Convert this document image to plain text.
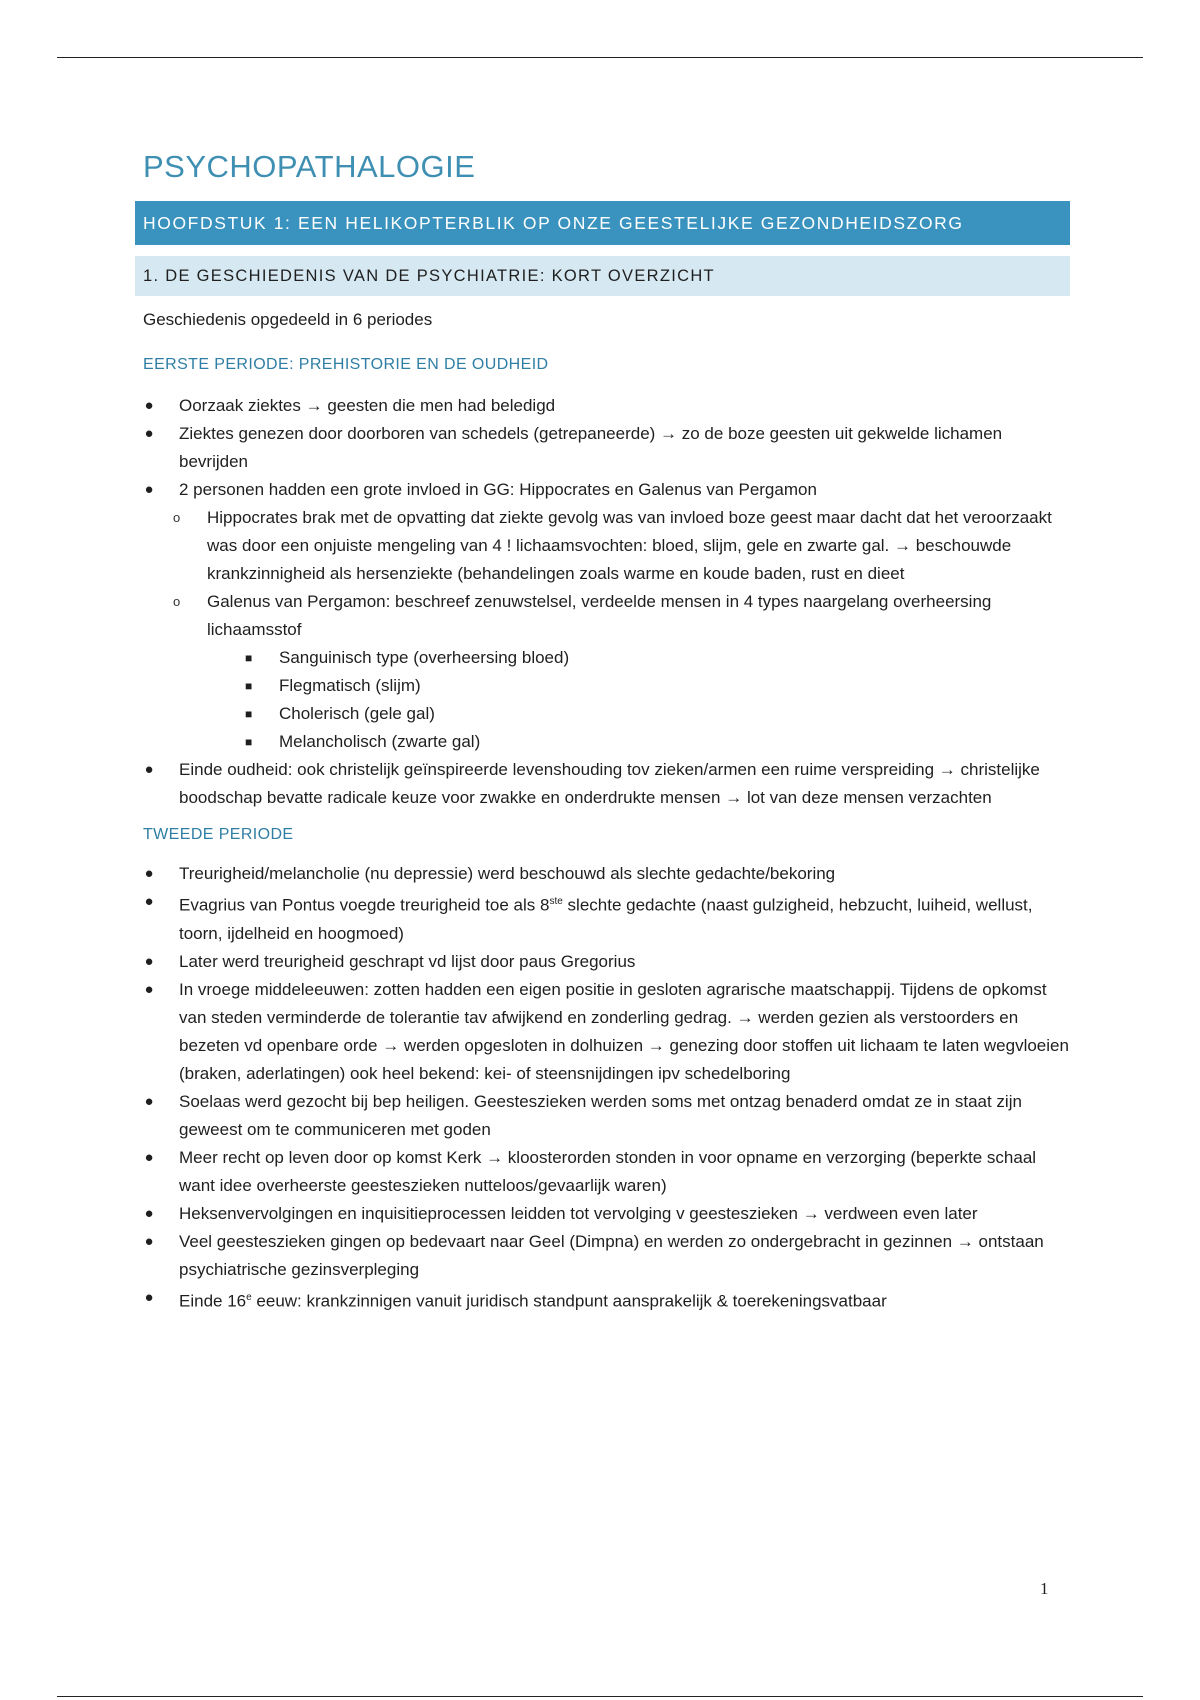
PSYCHOPATHALOGIE
HOOFDSTUK 1: EEN HELIKOPTERBLIK OP ONZE GEESTELIJKE GEZONDHEIDSZORG
1. DE GESCHIEDENIS VAN DE PSYCHIATRIE: KORT OVERZICHT
Geschiedenis opgedeeld in 6 periodes
EERSTE PERIODE: PREHISTORIE EN DE OUDHEID
● Oorzaak ziektes → geesten die men had beledigd
● Ziektes genezen door doorboren van schedels (getrepaneerde) → zo de boze geesten uit gekwelde lichamen bevrijden
● 2 personen hadden een grote invloed in GG: Hippocrates en Galenus van Pergamon
o Hippocrates brak met de opvatting dat ziekte gevolg was van invloed boze geest maar dacht dat het veroorzaakt was door een onjuiste mengeling van 4 ! lichaamsvochten: bloed, slijm, gele en zwarte gal. → beschouwde krankzinnigheid als hersenziekte (behandelingen zoals warme en koude baden, rust en dieet
o Galenus van Pergamon: beschreef zenuwstelsel, verdeelde mensen in 4 types naargelang overheersing lichaamsstof
■ Sanguinisch type (overheersing bloed)
■ Flegmatisch (slijm)
■ Cholerisch (gele gal)
■ Melancholisch (zwarte gal)
● Einde oudheid: ook christelijk geïnspireerde levenshouding tov zieken/armen een ruime verspreiding → christelijke boodschap bevatte radicale keuze voor zwakke en onderdrukte mensen → lot van deze mensen verzachten
TWEEDE PERIODE
● Treurigheid/melancholie (nu depressie) werd beschouwd als slechte gedachte/bekoring
● Evagrius van Pontus voegde treurigheid toe als 8ste slechte gedachte (naast gulzigheid, hebzucht, luiheid, wellust, toorn, ijdelheid en hoogmoed)
● Later werd treurigheid geschrapt vd lijst door paus Gregorius
● In vroege middeleeuwen: zotten hadden een eigen positie in gesloten agrarische maatschappij. Tijdens de opkomst van steden verminderde de tolerantie tav afwijkend en zonderling gedrag. → werden gezien als verstoorders en bezeten vd openbare orde → werden opgesloten in dolhuizen → genezing door stoffen uit lichaam te laten wegvloeien (braken, aderlatingen) ook heel bekend: kei- of steensnijdingen ipv schedelboring
● Soelaas werd gezocht bij bep heiligen. Geesteszieken werden soms met ontzag benaderd omdat ze in staat zijn geweest om te communiceren met goden
● Meer recht op leven door op komst Kerk → kloosterorden stonden in voor opname en verzorging (beperkte schaal want idee overheerste geesteszieken nutteloos/gevaarlijk waren)
● Heksenvervolgingen en inquisitieprocessen leidden tot vervolging v geesteszieken → verdween even later
● Veel geesteszieken gingen op bedevaart naar Geel (Dimpna) en werden zo ondergebracht in gezinnen → ontstaan psychiatrische gezinsverpleging
● Einde 16e eeuw: krankzinnigen vanuit juridisch standpunt aansprakelijk & toerekeningsvatbaar
1
